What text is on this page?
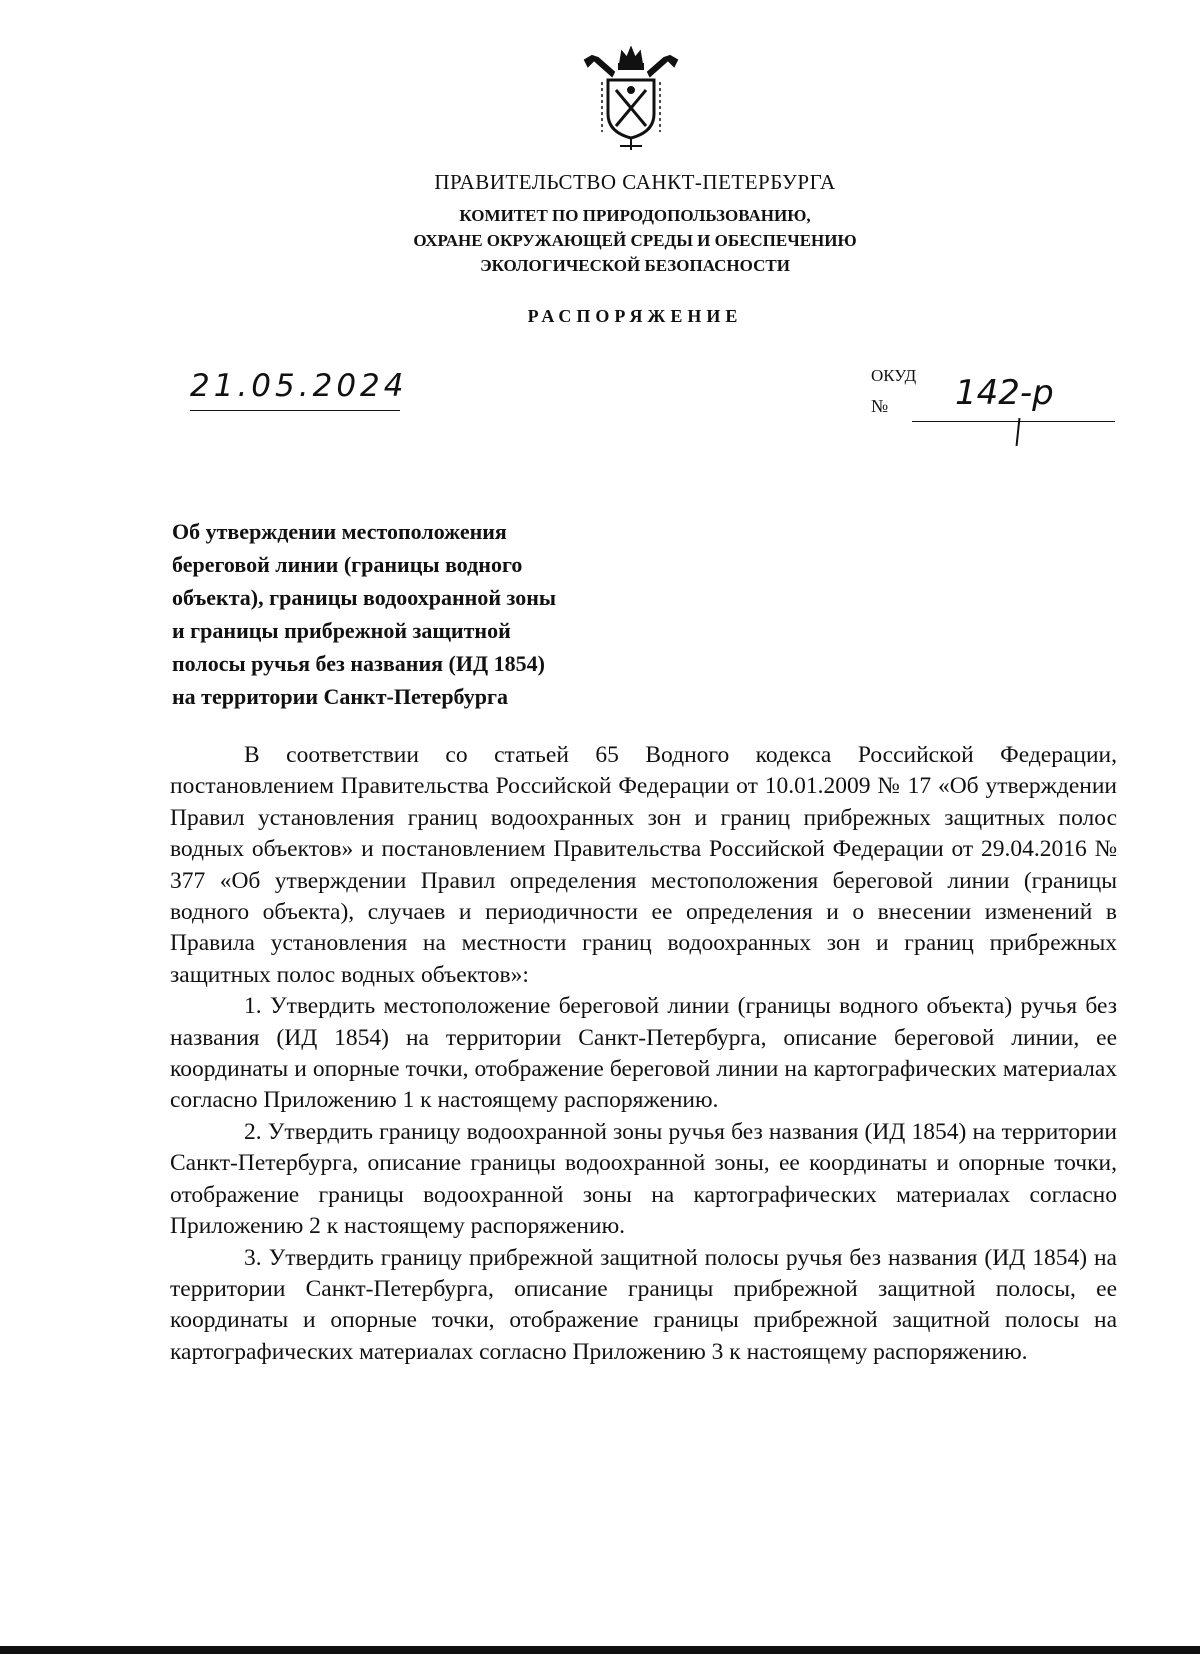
ПРАВИТЕЛЬСТВО САНКТ-ПЕТЕРБУРГА
КОМИТЕТ ПО ПРИРОДОПОЛЬЗОВАНИЮ,
ОХРАНЕ ОКРУЖАЮЩЕЙ СРЕДЫ И ОБЕСПЕЧЕНИЮ
ЭКОЛОГИЧЕСКОЙ БЕЗОПАСНОСТИ
РАСПОРЯЖЕНИЕ
21.05.2024	ОКУД
№ 142-р
Об утверждении местоположения
береговой линии (границы водного
объекта), границы водоохранной зоны
и границы прибрежной защитной
полосы ручья без названия (ИД 1854)
на территории Санкт-Петербурга

В соответствии со статьей 65 Водного кодекса Российской Федерации, постановлением Правительства Российской Федерации от 10.01.2009 № 17 «Об утверждении Правил установления границ водоохранных зон и границ прибрежных защитных полос водных объектов» и постановлением Правительства Российской Федерации от 29.04.2016 № 377 «Об утверждении Правил определения местоположения береговой линии (границы водного объекта), случаев и периодичности ее определения и о внесении изменений в Правила установления на местности границ водоохранных зон и границ прибрежных защитных полос водных объектов»:

1. Утвердить местоположение береговой линии (границы водного объекта) ручья без названия (ИД 1854) на территории Санкт-Петербурга, описание береговой линии, ее координаты и опорные точки, отображение береговой линии на картографических материалах согласно Приложению 1 к настоящему распоряжению.

2. Утвердить границу водоохранной зоны ручья без названия (ИД 1854) на территории Санкт-Петербурга, описание границы водоохранной зоны, ее координаты и опорные точки, отображение границы водоохранной зоны на картографических материалах согласно Приложению 2 к настоящему распоряжению.

3. Утвердить границу прибрежной защитной полосы ручья без названия (ИД 1854) на территории Санкт-Петербурга, описание границы прибрежной защитной полосы, ее координаты и опорные точки, отображение границы прибрежной защитной полосы на картографических материалах согласно Приложению 3 к настоящему распоряжению.
